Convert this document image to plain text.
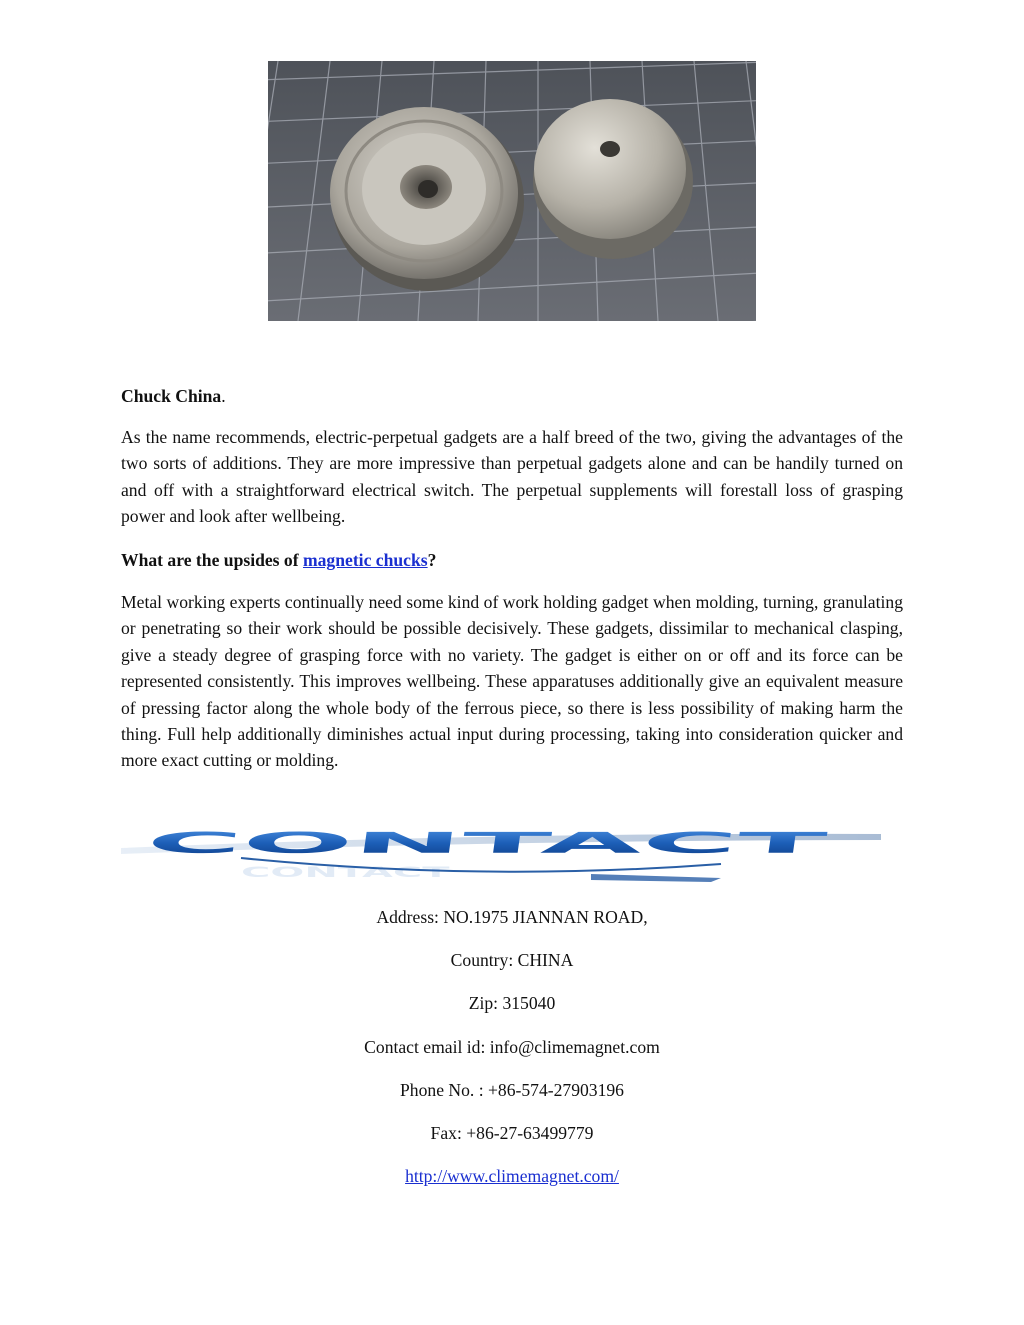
Chuck China.
As the name recommends, electric-perpetual gadgets are a half breed of the two, giving the advantages of the two sorts of additions. They are more impressive than perpetual gadgets alone and can be handily turned on and off with a straightforward electrical switch. The perpetual supplements will forestall loss of grasping power and look after wellbeing.
What are the upsides of magnetic chucks?
Metal working experts continually need some kind of work holding gadget when molding, turning, granulating or penetrating so their work should be possible decisively. These gadgets, dissimilar to mechanical clasping, give a steady degree of grasping force with no variety. The gadget is either on or off and its force can be represented consistently. This improves wellbeing. These apparatuses additionally give an equivalent measure of pressing factor along the whole body of the ferrous piece, so there is less possibility of making harm the thing. Full help additionally diminishes actual input during processing, taking into consideration quicker and more exact cutting or molding.
CONTACT
CONTACT
Address: NO.1975 JIANNAN ROAD,
Country: CHINA
Zip: 315040
Contact email id: info@climemagnet.com
Phone No. : +86-574-27903196
Fax: +86-27-63499779
http://www.climemagnet.com/
